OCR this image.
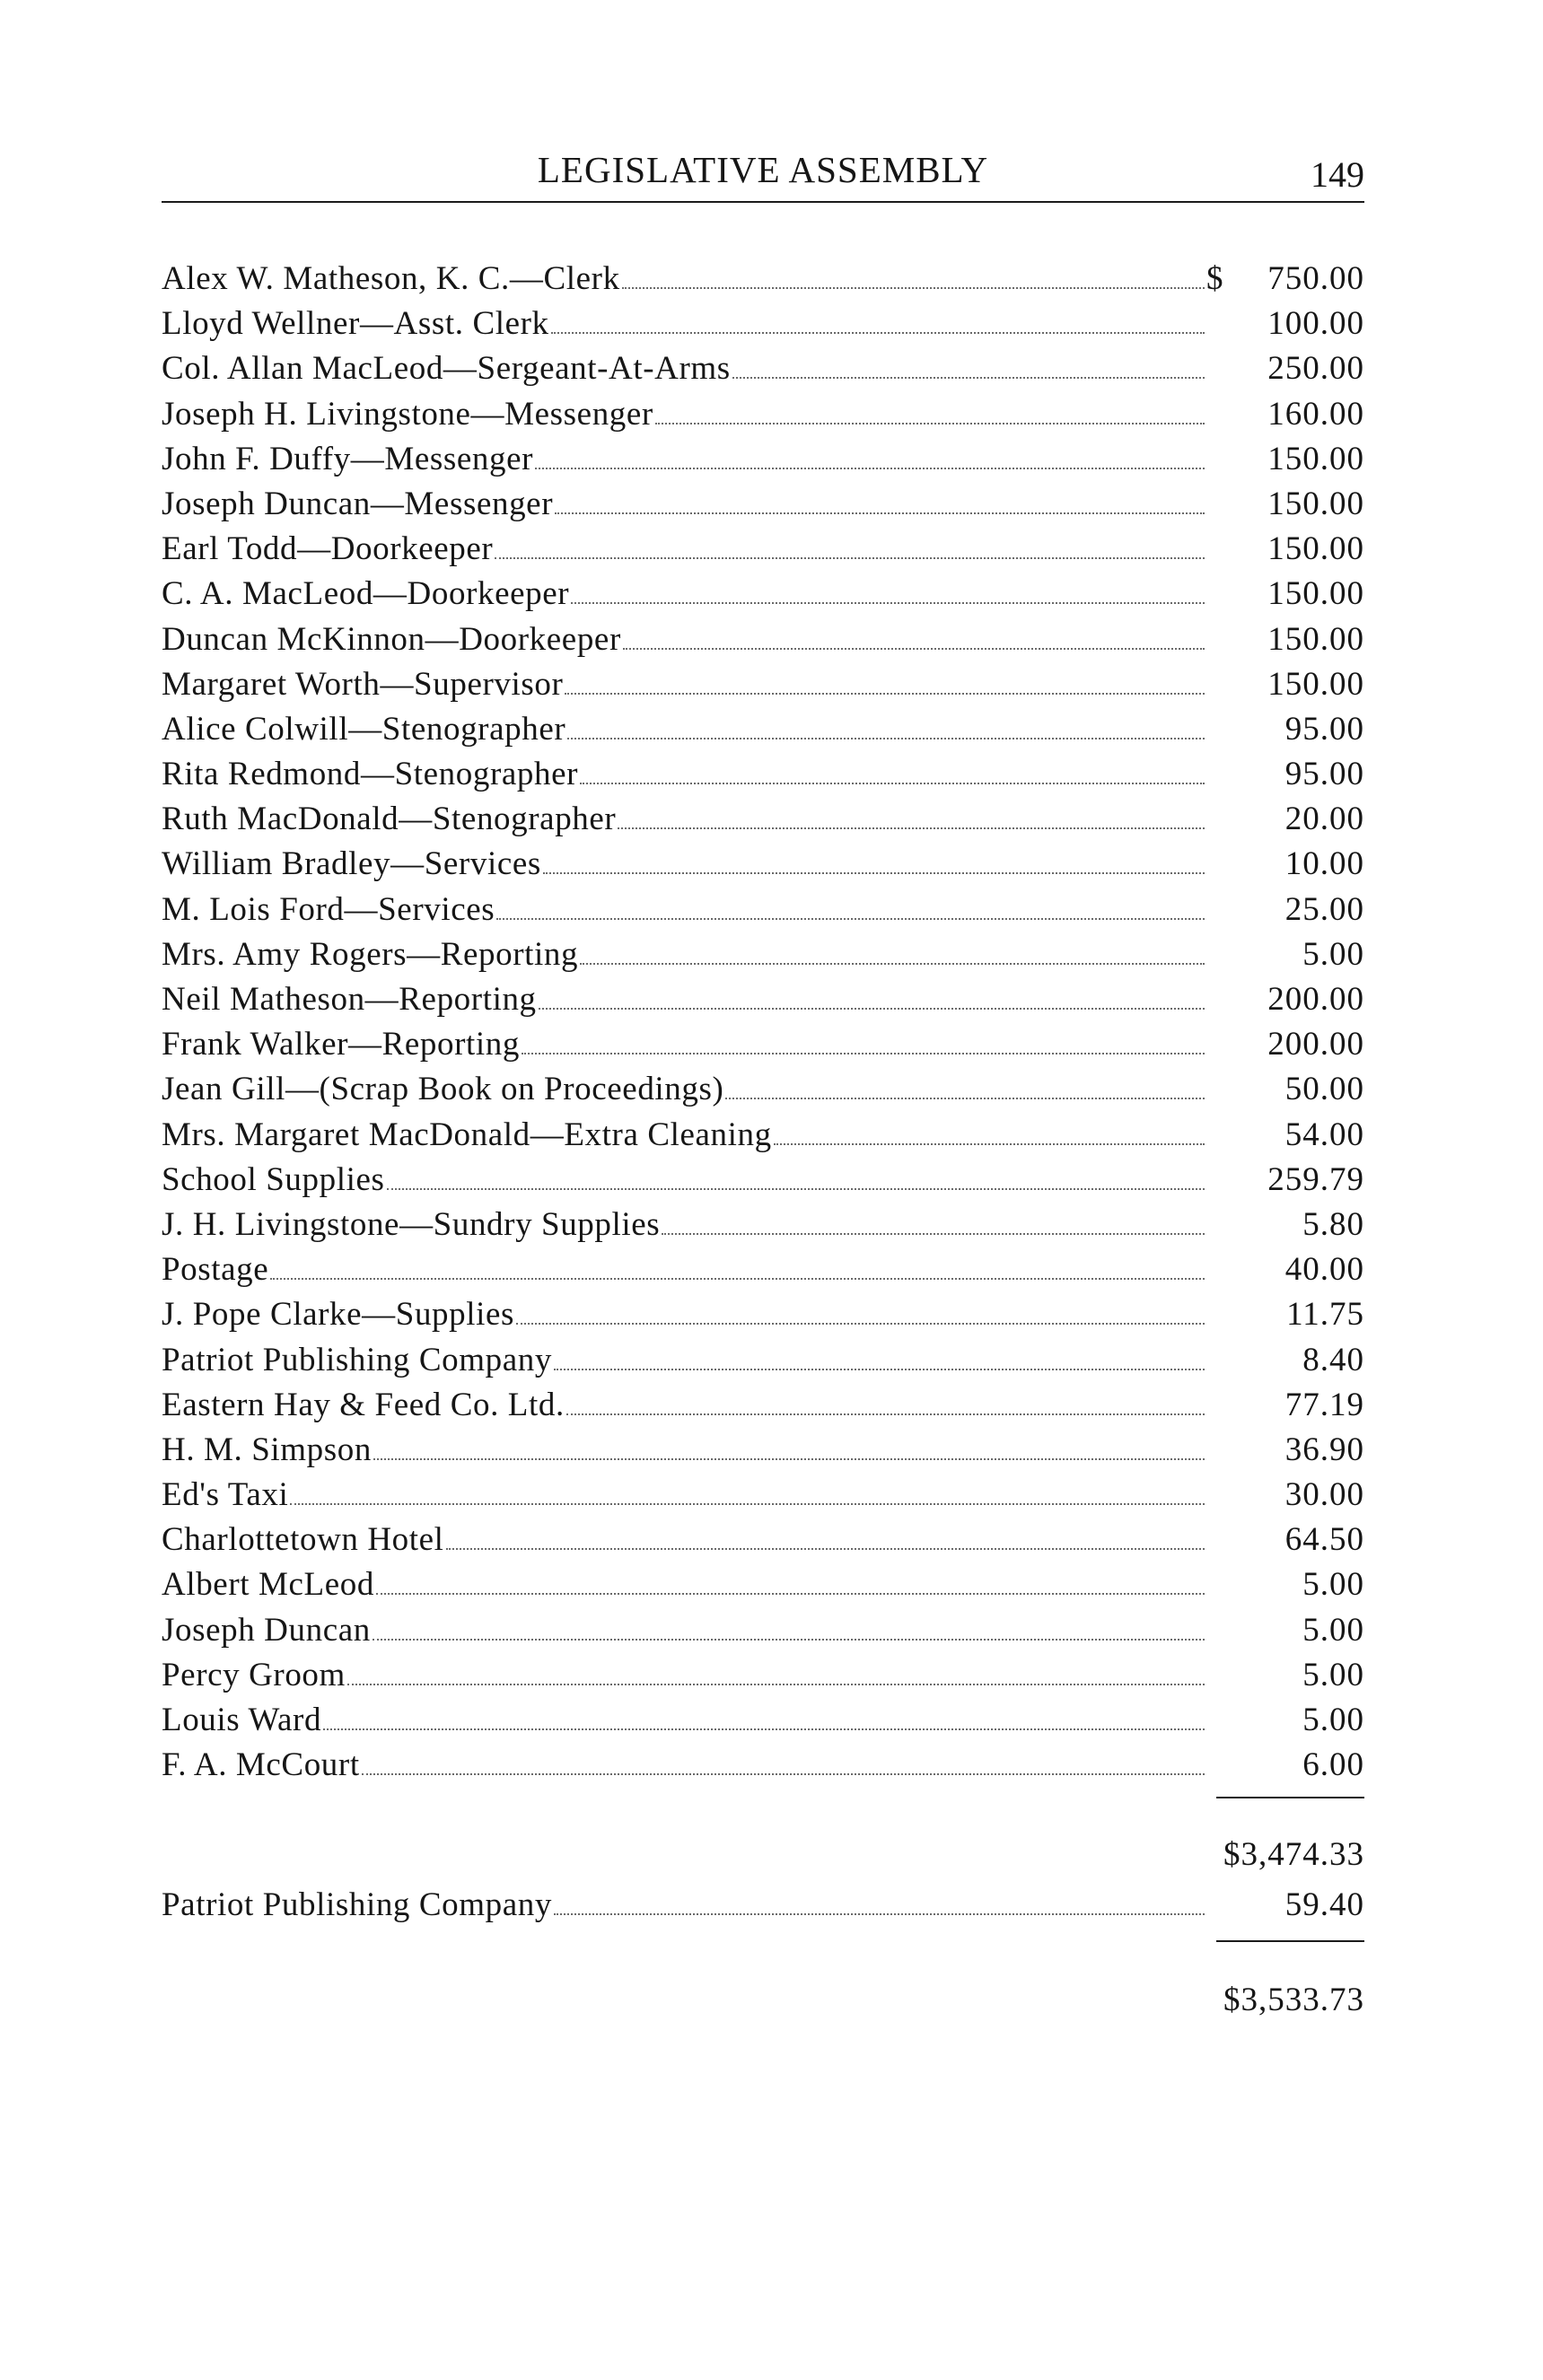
LEGISLATIVE ASSEMBLY	149
Alex W. Matheson, K. C.—Clerk	$	750.00
Lloyd Wellner—Asst. Clerk	100.00
Col. Allan MacLeod—Sergeant-At-Arms	250.00
Joseph H. Livingstone—Messenger	160.00
John F. Duffy—Messenger	150.00
Joseph Duncan—Messenger	150.00
Earl Todd—Doorkeeper	150.00
C. A. MacLeod—Doorkeeper	150.00
Duncan McKinnon—Doorkeeper	150.00
Margaret Worth—Supervisor	150.00
Alice Colwill—Stenographer	95.00
Rita Redmond—Stenographer	95.00
Ruth MacDonald—Stenographer	20.00
William Bradley—Services	10.00
M. Lois Ford—Services	25.00
Mrs. Amy Rogers—Reporting	5.00
Neil Matheson—Reporting	200.00
Frank Walker—Reporting	200.00
Jean Gill—(Scrap Book on Proceedings)	50.00
Mrs. Margaret MacDonald—Extra Cleaning	54.00
School Supplies	259.79
J. H. Livingstone—Sundry Supplies	5.80
Postage	40.00
J. Pope Clarke—Supplies	11.75
Patriot Publishing Company	8.40
Eastern Hay & Feed Co. Ltd.	77.19
H. M. Simpson	36.90
Ed's Taxi	30.00
Charlottetown Hotel	64.50
Albert McLeod	5.00
Joseph Duncan	5.00
Percy Groom	5.00
Louis Ward	5.00
F. A. McCourt	6.00
$3,474.33
Patriot Publishing Company	59.40
$3,533.73
